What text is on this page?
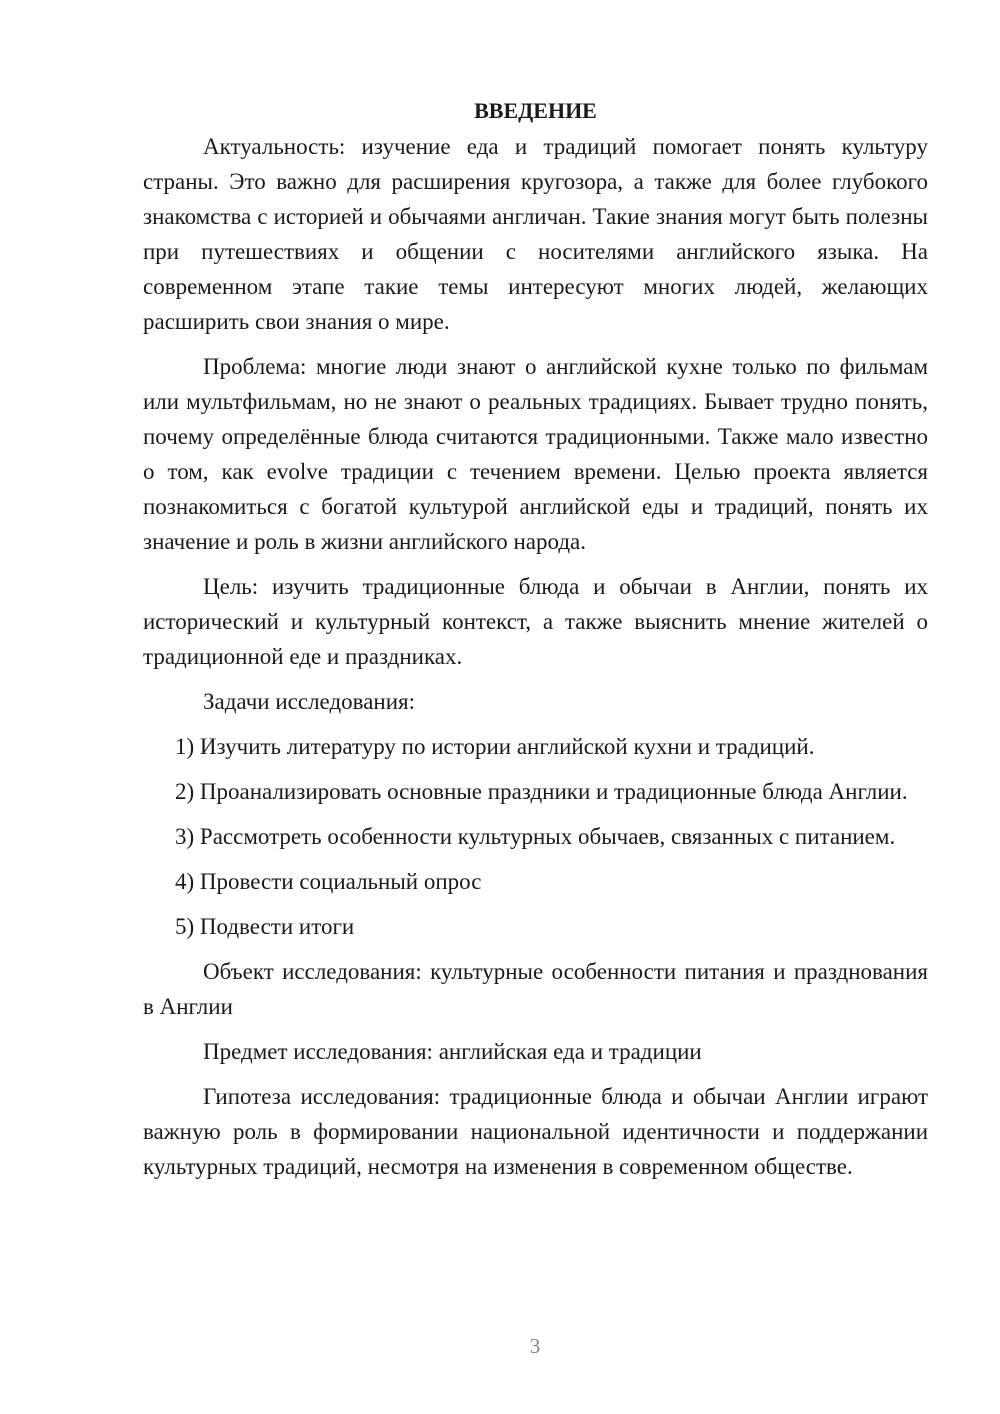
ВВЕДЕНИЕ

Актуальность: изучение еда и традиций помогает понять культуру страны. Это важно для расширения кругозора, а также для более глубокого знакомства с историей и обычаями англичан. Такие знания могут быть полезны при путешествиях и общении с носителями английского языка. На современном этапе такие темы интересуют многих людей, желающих расширить свои знания о мире.

Проблема: многие люди знают о английской кухне только по фильмам или мультфильмам, но не знают о реальных традициях. Бывает трудно понять, почему определённые блюда считаются традиционными. Также мало известно о том, как evolve традиции с течением времени. Целью проекта является познакомиться с богатой культурой английской еды и традиций, понять их значение и роль в жизни английского народа.

Цель: изучить традиционные блюда и обычаи в Англии, понять их исторический и культурный контекст, а также выяснить мнение жителей о традиционной еде и праздниках.

Задачи исследования:

1) Изучить литературу по истории английской кухни и традиций.

2) Проанализировать основные праздники и традиционные блюда Англии.

3) Рассмотреть особенности культурных обычаев, связанных с питанием.

4) Провести социальный опрос

5) Подвести итоги

Объект исследования: культурные особенности питания и празднования в Англии

Предмет исследования: английская еда и традиции

Гипотеза исследования: традиционные блюда и обычаи Англии играют важную роль в формировании национальной идентичности и поддержании культурных традиций, несмотря на изменения в современном обществе.

3
